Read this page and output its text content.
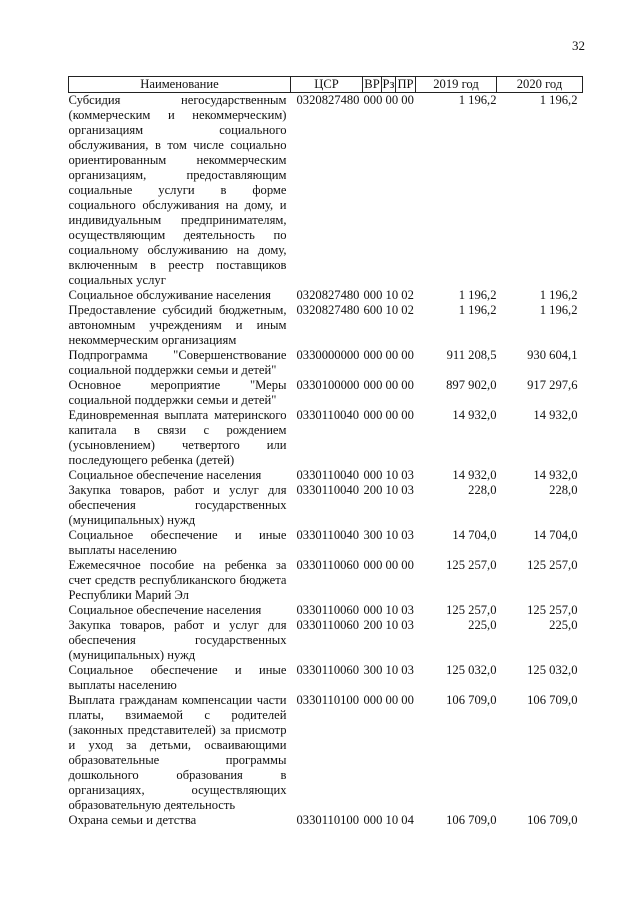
32
Наименование	ЦСР	ВР	Рз	ПР	2019 год	2020 год
Субсидия негосударственным (коммерческим и некоммерческим) организациям социального обслуживания, в том числе социально ориентированным некоммерческим организациям, предоставляющим социальные услуги в форме социального обслуживания на дому, и индивидуальным предпринимателям, осуществляющим деятельность по социальному обслуживанию на дому, включенным в реестр поставщиков социальных услуг	0320827480	000 00 00			1 196,2	1 196,2
Социальное обслуживание населения	0320827480	000 10 02			1 196,2	1 196,2
Предоставление субсидий бюджетным, автономным учреждениям и иным некоммерческим организациям	0320827480	600 10 02			1 196,2	1 196,2
Подпрограмма "Совершенствование социальной поддержки семьи и детей"	0330000000	000 00 00			911 208,5	930 604,1
Основное мероприятие "Меры социальной поддержки семьи и детей"	0330100000	000 00 00			897 902,0	917 297,6
Единовременная выплата материнского капитала в связи с рождением (усыновлением) четвертого или последующего ребенка (детей)	0330110040	000 00 00			14 932,0	14 932,0
Социальное обеспечение населения	0330110040	000 10 03			14 932,0	14 932,0
Закупка товаров, работ и услуг для обеспечения государственных (муниципальных) нужд	0330110040	200 10 03			228,0	228,0
Социальное обеспечение и иные выплаты населению	0330110040	300 10 03			14 704,0	14 704,0
Ежемесячное пособие на ребенка за счет средств республиканского бюджета Республики Марий Эл	0330110060	000 00 00			125 257,0	125 257,0
Социальное обеспечение населения	0330110060	000 10 03			125 257,0	125 257,0
Закупка товаров, работ и услуг для обеспечения государственных (муниципальных) нужд	0330110060	200 10 03			225,0	225,0
Социальное обеспечение и иные выплаты населению	0330110060	300 10 03			125 032,0	125 032,0
Выплата гражданам компенсации части платы, взимаемой с родителей (законных представителей) за присмотр и уход за детьми, осваивающими образовательные программы дошкольного образования в организациях, осуществляющих образовательную деятельность	0330110100	000 00 00			106 709,0	106 709,0
Охрана семьи и детства	0330110100	000 10 04			106 709,0	106 709,0
